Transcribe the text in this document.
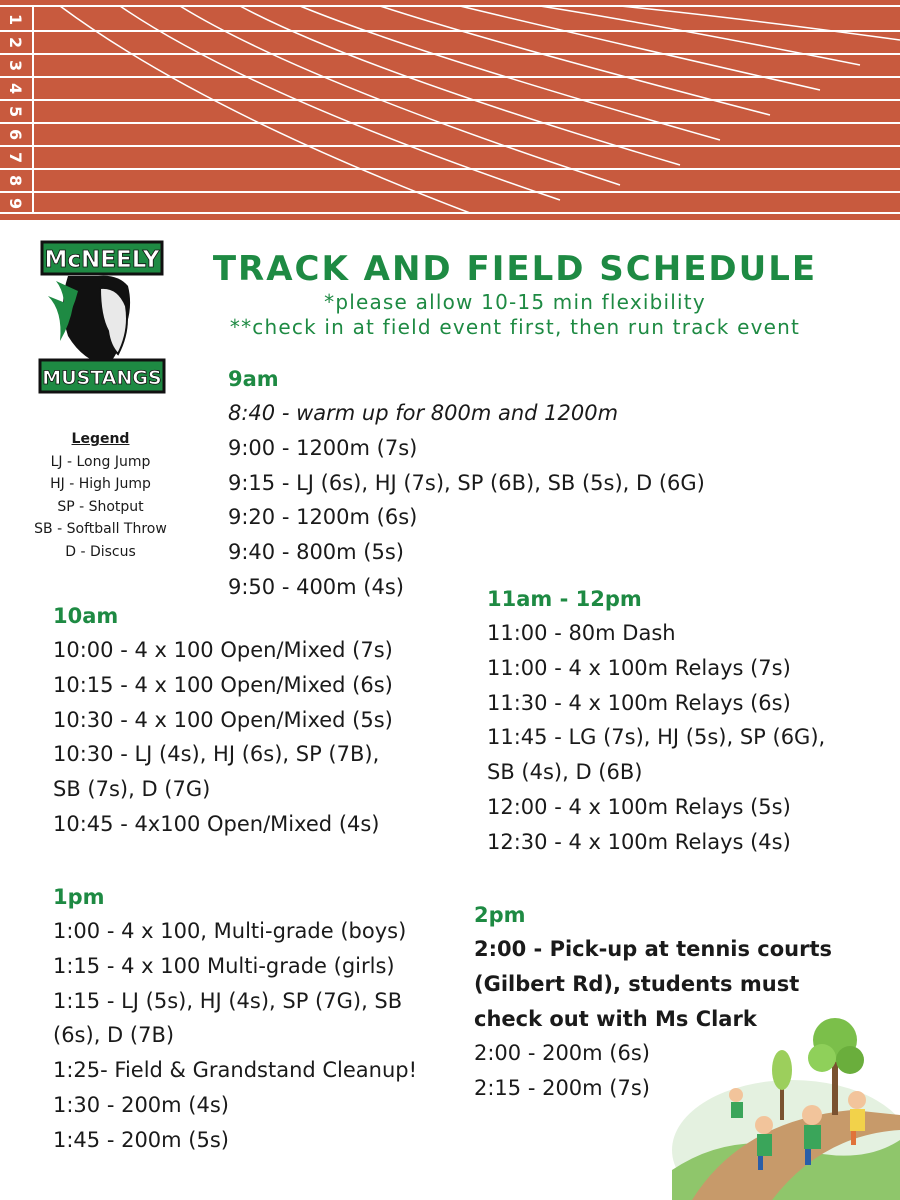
1
2
3
4
5
6
7
8
9
McNEELY
MUSTANGS
TRACK AND FIELD SCHEDULE
*please allow 10-15 min flexibility
**check in at field event first, then run track event
Legend
LJ - Long Jump
HJ - High Jump
SP - Shotput
SB - Softball Throw
D - Discus
9am
8:40 - warm up for 800m and 1200m
9:00 - 1200m (7s)
9:15 - LJ (6s), HJ (7s), SP (6B), SB (5s), D (6G)
9:20 - 1200m (6s)
9:40 - 800m (5s)
9:50 - 400m (4s)
10am
10:00 - 4 x 100 Open/Mixed (7s)
10:15 - 4 x 100 Open/Mixed (6s)
10:30 - 4 x 100 Open/Mixed (5s)
10:30 - LJ (4s), HJ (6s), SP (7B),
SB (7s), D (7G)
10:45 - 4x100 Open/Mixed (4s)
11am - 12pm
11:00 - 80m Dash
11:00 - 4 x 100m Relays (7s)
11:30 - 4 x 100m Relays (6s)
11:45 - LG (7s), HJ (5s), SP (6G),
SB (4s), D (6B)
12:00 - 4 x 100m Relays (5s)
12:30 - 4 x 100m Relays (4s)
1pm
1:00 - 4 x 100, Multi-grade (boys)
1:15 - 4 x 100 Multi-grade (girls)
1:15 - LJ (5s), HJ (4s), SP (7G), SB
(6s), D (7B)
1:25- Field & Grandstand Cleanup!
1:30 - 200m (4s)
1:45 - 200m (5s)
2pm
2:00 - Pick-up at tennis courts
(Gilbert Rd), students must
check out with Ms Clark
2:00 - 200m (6s)
2:15 - 200m (7s)
